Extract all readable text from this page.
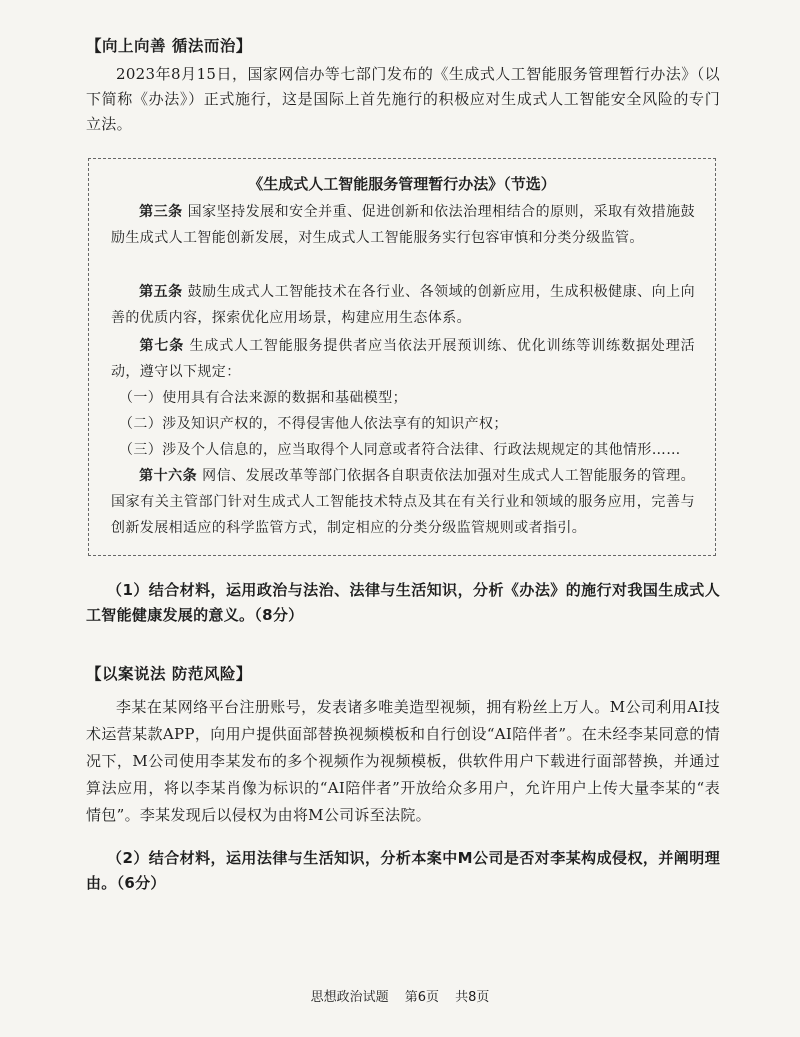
【向上向善 循法而治】
2023年8月15日，国家网信办等七部门发布的《生成式人工智能服务管理暂行办法》（以下简称《办法》）正式施行，这是国际上首先施行的积极应对生成式人工智能安全风险的专门立法。
《生成式人工智能服务管理暂行办法》（节选）
第三条 国家坚持发展和安全并重、促进创新和依法治理相结合的原则，采取有效措施鼓励生成式人工智能创新发展，对生成式人工智能服务实行包容审慎和分类分级监管。
第五条 鼓励生成式人工智能技术在各行业、各领域的创新应用，生成积极健康、向上向善的优质内容，探索优化应用场景，构建应用生态体系。
第七条 生成式人工智能服务提供者应当依法开展预训练、优化训练等训练数据处理活动，遵守以下规定：
（一）使用具有合法来源的数据和基础模型；
（二）涉及知识产权的，不得侵害他人依法享有的知识产权；
（三）涉及个人信息的，应当取得个人同意或者符合法律、行政法规规定的其他情形……
第十六条 网信、发展改革等部门依据各自职责依法加强对生成式人工智能服务的管理。国家有关主管部门针对生成式人工智能技术特点及其在有关行业和领域的服务应用，完善与创新发展相适应的科学监管方式，制定相应的分类分级监管规则或者指引。
（1）结合材料，运用政治与法治、法律与生活知识，分析《办法》的施行对我国生成式人工智能健康发展的意义。（8分）
【以案说法 防范风险】
李某在某网络平台注册账号，发表诸多唯美造型视频，拥有粉丝上万人。M公司利用AI技术运营某款APP，向用户提供面部替换视频模板和自行创设“AI陪伴者”。在未经李某同意的情况下，M公司使用李某发布的多个视频作为视频模板，供软件用户下载进行面部替换，并通过算法应用，将以李某肖像为标识的“AI陪伴者”开放给众多用户，允许用户上传大量李某的“表情包”。李某发现后以侵权为由将M公司诉至法院。
（2）结合材料，运用法律与生活知识，分析本案中M公司是否对李某构成侵权，并阐明理由。（6分）
思想政治试题 第6页 共8页
